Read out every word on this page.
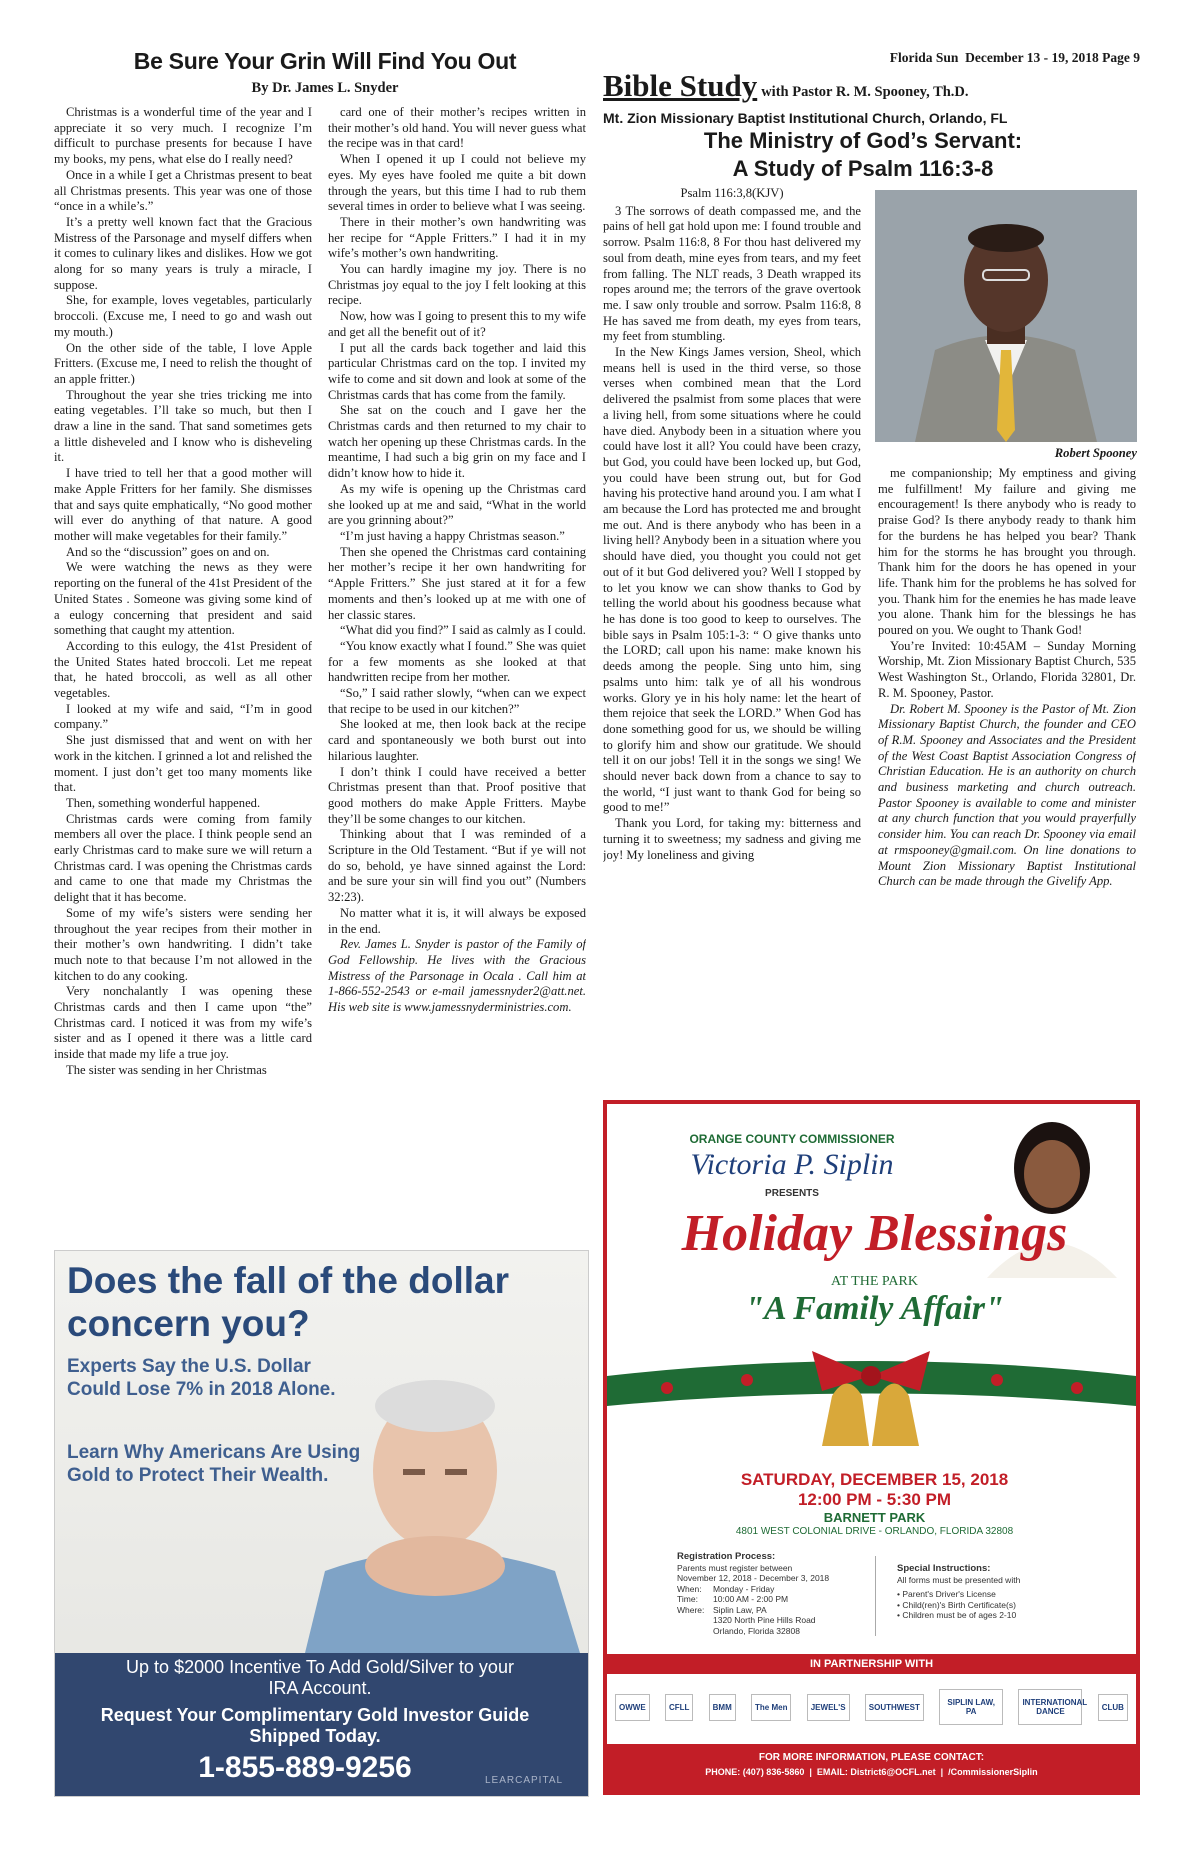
Be Sure Your Grin Will Find You Out	Florida Sun  December 13 - 19, 2018 Page 9
By Dr. James L. Snyder

Christmas is a wonderful time of the year and I appreciate it so very much. I recognize I’m difficult to purchase presents for because I have my books, my pens, what else do I really need?

Once in a while I get a Christmas present to beat all Christmas presents. This year was one of those “once in a while’s.”

It’s a pretty well known fact that the Gracious Mistress of the Parsonage and myself differs when it comes to culinary likes and dislikes. How we got along for so many years is truly a miracle, I suppose.

She, for example, loves vegetables, particularly broccoli. (Excuse me, I need to go and wash out my mouth.)

On the other side of the table, I love Apple Fritters. (Excuse me, I need to relish the thought of an apple fritter.)

Throughout the year she tries tricking me into eating vegetables. I’ll take so much, but then I draw a line in the sand. That sand sometimes gets a little disheveled and I know who is disheveling it.

I have tried to tell her that a good mother will make Apple Fritters for her family. She dismisses that and says quite emphatically, “No good mother will ever do anything of that nature. A good mother will make vegetables for their family.”

And so the “discussion” goes on and on.

We were watching the news as they were reporting on the funeral of the 41st President of the United States . Someone was giving some kind of a eulogy concerning that president and said something that caught my attention.

According to this eulogy, the 41st President of the United States hated broccoli. Let me repeat that, he hated broccoli, as well as all other vegetables.

I looked at my wife and said, “I’m in good company.”

She just dismissed that and went on with her work in the kitchen. I grinned a lot and relished the moment. I just don’t get too many moments like that.

Then, something wonderful happened.

Christmas cards were coming from family members all over the place. I think people send an early Christmas card to make sure we will return a Christmas card. I was opening the Christmas cards and came to one that made my Christmas the delight that it has become.

Some of my wife’s sisters were sending her throughout the year recipes from their mother in their mother’s own handwriting. I didn’t take much note to that because I’m not allowed in the kitchen to do any cooking.

Very nonchalantly I was opening these Christmas cards and then I came upon “the” Christmas card. I noticed it was from my wife’s sister and as I opened it there was a little card inside that made my life a true joy.

The sister was sending in her Christmas

card one of their mother’s recipes written in their mother’s old hand. You will never guess what the recipe was in that card!

When I opened it up I could not believe my eyes. My eyes have fooled me quite a bit down through the years, but this time I had to rub them several times in order to believe what I was seeing.

There in their mother’s own handwriting was her recipe for “Apple Fritters.” I had it in my wife’s mother’s own handwriting.

You can hardly imagine my joy. There is no Christmas joy equal to the joy I felt looking at this recipe.

Now, how was I going to present this to my wife and get all the benefit out of it?

I put all the cards back together and laid this particular Christmas card on the top. I invited my wife to come and sit down and look at some of the Christmas cards that has come from the family.

She sat on the couch and I gave her the Christmas cards and then returned to my chair to watch her opening up these Christmas cards. In the meantime, I had such a big grin on my face and I didn’t know how to hide it.

As my wife is opening up the Christmas card she looked up at me and said, “What in the world are you grinning about?”

“I’m just having a happy Christmas season.”

Then she opened the Christmas card containing her mother’s recipe it her own handwriting for “Apple Fritters.” She just stared at it for a few moments and then’s looked up at me with one of her classic stares.

“What did you find?” I said as calmly as I could.

“You know exactly what I found.” She was quiet for a few moments as she looked at that handwritten recipe from her mother.

“So,” I said rather slowly, “when can we expect that recipe to be used in our kitchen?”

She looked at me, then look back at the recipe card and spontaneously we both burst out into hilarious laughter.

I don’t think I could have received a better Christmas present than that. Proof positive that good mothers do make Apple Fritters. Maybe they’ll be some changes to our kitchen.

Thinking about that I was reminded of a Scripture in the Old Testament. “But if ye will not do so, behold, ye have sinned against the Lord: and be sure your sin will find you out” (Numbers 32:23).

No matter what it is, it will always be exposed in the end.

Rev. James L. Snyder is pastor of the Family of God Fellowship. He lives with the Gracious Mistress of the Parsonage in Ocala . Call him at 1-866-552-2543 or e-mail jamessnyder2@att.net. His web site is www.jamessnyderministries.com.

Bible Study with Pastor R. M. Spooney, Th.D.
Mt. Zion Missionary Baptist Institutional Church, Orlando, FL
The Ministry of God’s Servant:
A Study of Psalm 116:3-8
Psalm 116:3,8(KJV)

3 The sorrows of death compassed me, and the pains of hell gat hold upon me: I found trouble and sorrow. Psalm 116:8, 8 For thou hast delivered my soul from death, mine eyes from tears, and my feet from falling. The NLT reads, 3 Death wrapped its ropes around me; the terrors of the grave overtook me. I saw only trouble and sorrow. Psalm 116:8, 8 He has saved me from death, my eyes from tears, my feet from stumbling.

In the New Kings James version, Sheol, which means hell is used in the third verse, so those verses when combined mean that the Lord delivered the psalmist from some places that were a living hell, from some situations where he could have died. Anybody been in a situation where you could have lost it all? You could have been crazy, but God, you could have been locked up, but God, you could have been strung out, but for God having his protective hand around you. I am what I am because the Lord has protected me and brought me out. And is there anybody who has been in a living hell? Anybody been in a situation where you should have died, you thought you could not get out of it but God delivered you? Well I stopped by to let you know we can show thanks to God by telling the world about his goodness because what he has done is too good to keep to ourselves. The bible says in Psalm 105:1-3: “ O give thanks unto the LORD; call upon his name: make known his deeds among the people. Sing unto him, sing psalms unto him: talk ye of all his wondrous works. Glory ye in his holy name: let the heart of them rejoice that seek the LORD.” When God has done something good for us, we should be willing to glorify him and show our gratitude. We should tell it on our jobs! Tell it in the songs we sing! We should never back down from a chance to say to the world, “I just want to thank God for being so good to me!”

Thank you Lord, for taking my: bitterness and turning it to sweetness; my sadness and giving me joy! My loneliness and giving

Robert Spooney

me companionship; My emptiness and giving me fulfillment! My failure and giving me encouragement! Is there anybody who is ready to praise God? Is there anybody ready to thank him for the burdens he has helped you bear? Thank him for the storms he has brought you through. Thank him for the doors he has opened in your life. Thank him for the problems he has solved for you. Thank him for the enemies he has made leave you alone. Thank him for the blessings he has poured on you. We ought to Thank God!

You’re Invited: 10:45AM – Sunday Morning Worship, Mt. Zion Missionary Baptist Church, 535 West Washington St., Orlando, Florida 32801, Dr. R. M. Spooney, Pastor.

Dr. Robert M. Spooney is the Pastor of Mt. Zion Missionary Baptist Church, the founder and CEO of R.M. Spooney and Associates and the President of the West Coast Baptist Association Congress of Christian Education. He is an authority on church and business marketing and church outreach. Pastor Spooney is available to come and minister at any church function that you would prayerfully consider him. You can reach Dr. Spooney via email at rmspooney@gmail.com. On line donations to Mount Zion Missionary Baptist Institutional Church can be made through the Givelify App.

Does the fall of the dollar concern you?
Experts Say the U.S. Dollar Could Lose 7% in 2018 Alone.
Learn Why Americans Are Using Gold to Protect Their Wealth.
Up to $2000 Incentive To Add Gold/Silver to your IRA Account.
Request Your Complimentary Gold Investor Guide Shipped Today.
1-855-889-9256	LEARCAPITAL
ORANGE COUNTY COMMISSIONER
Victoria P. Siplin
PRESENTS
Holiday Blessings
AT THE PARK
"A Family Affair"
SATURDAY, DECEMBER 15, 2018
12:00 PM - 5:30 PM
BARNETT PARK
4801 WEST COLONIAL DRIVE - ORLANDO, FLORIDA 32808
Registration Process:
Parents must register between
November 12, 2018 - December 3, 2018
When: Monday - Friday
Time: 10:00 AM - 2:00 PM
Where: Siplin Law, PA
1320 North Pine Hills Road
Orlando, Florida 32808
Special Instructions:
All forms must be presented with
• Parent's Driver's License
• Child(ren)'s Birth Certificate(s)
• Children must be of ages 2-10
IN PARTNERSHIP WITH
OWWE	CFLL	BMM	The Men	JEWEL'S	SOUTHWEST	SIPLIN LAW, PA
INTERNATIONAL DANCE	CLUB
FOR MORE INFORMATION, PLEASE CONTACT:
PHONE: (407) 836-5860  |  EMAIL: District6@OCFL.net  |  /CommissionerSiplin
